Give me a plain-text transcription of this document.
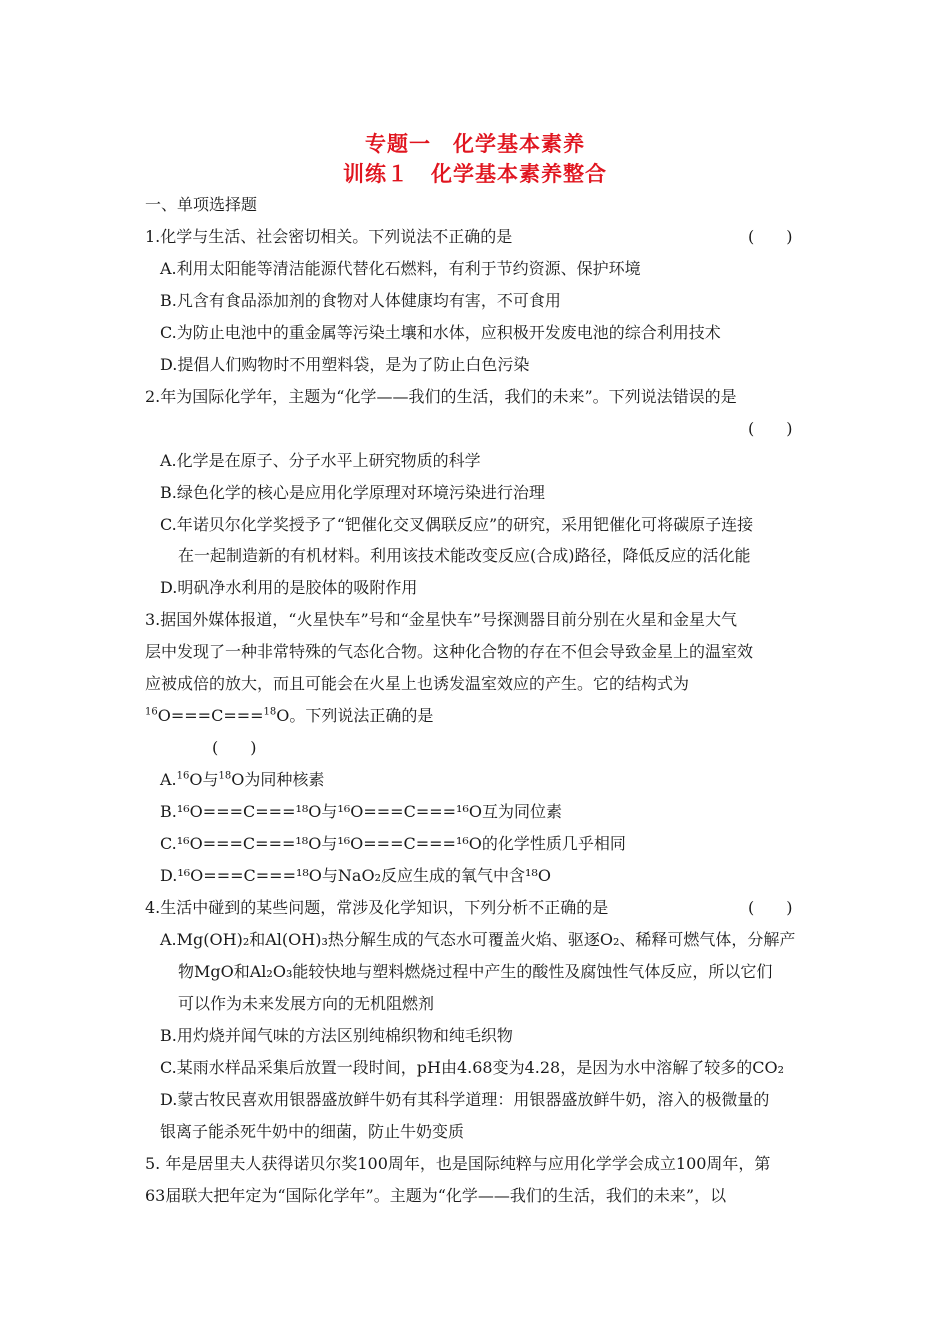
专题一　化学基本素养
训练１　化学基本素养整合
一、单项选择题
1.化学与生活、社会密切相关。下列说法不正确的是	(　　)
A.利用太阳能等清洁能源代替化石燃料，有利于节约资源、保护环境
B.凡含有食品添加剂的食物对人体健康均有害，不可食用
C.为防止电池中的重金属等污染土壤和水体，应积极开发废电池的综合利用技术
D.提倡人们购物时不用塑料袋，是为了防止白色污染
2.年为国际化学年，主题为“化学——我们的生活，我们的未来”。下列说法错误的是
(　　)
A.化学是在原子、分子水平上研究物质的科学
B.绿色化学的核心是应用化学原理对环境污染进行治理
C.年诺贝尔化学奖授予了“钯催化交叉偶联反应”的研究，采用钯催化可将碳原子连接
在一起制造新的有机材料。利用该技术能改变反应(合成)路径，降低反应的活化能
D.明矾净水利用的是胶体的吸附作用
3.据国外媒体报道，“火星快车”号和“金星快车”号探测器目前分别在火星和金星大气
层中发现了一种非常特殊的气态化合物。这种化合物的存在不但会导致金星上的温室效
应被成倍的放大，而且可能会在火星上也诱发温室效应的产生。它的结构式为
$^{16}$O===C===$^{18}$O。下列说法正确的是
(　　)
A.$^{16}$O与$^{18}$O为同种核素
B.¹⁶O===C===¹⁸O与¹⁶O===C===¹⁶O互为同位素
C.¹⁶O===C===¹⁸O与¹⁶O===C===¹⁶O的化学性质几乎相同
D.¹⁶O===C===¹⁸O与NaO₂反应生成的氧气中含¹⁸O
4.生活中碰到的某些问题，常涉及化学知识，下列分析不正确的是	(　　)
A.Mg(OH)₂和Al(OH)₃热分解生成的气态水可覆盖火焰、驱逐O₂、稀释可燃气体，分解产
物MgO和Al₂O₃能较快地与塑料燃烧过程中产生的酸性及腐蚀性气体反应，所以它们
可以作为未来发展方向的无机阻燃剂
B.用灼烧并闻气味的方法区别纯棉织物和纯毛织物
C.某雨水样品采集后放置一段时间，pH由4.68变为4.28，是因为水中溶解了较多的CO₂
D.蒙古牧民喜欢用银器盛放鲜牛奶有其科学道理：用银器盛放鲜牛奶，溶入的极微量的
银离子能杀死牛奶中的细菌，防止牛奶变质
5. 年是居里夫人获得诺贝尔奖100周年，也是国际纯粹与应用化学学会成立100周年，第
63届联大把年定为“国际化学年”。主题为“化学——我们的生活，我们的未来”，以
